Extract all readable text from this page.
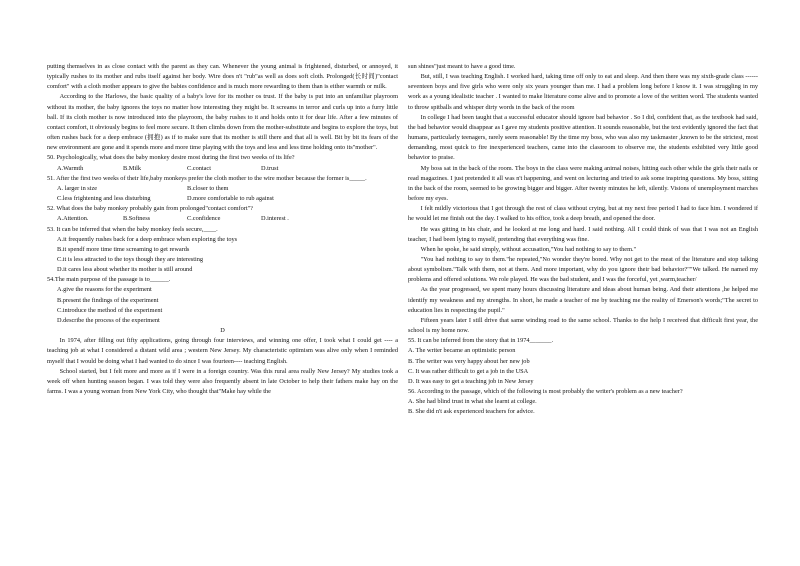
putting themselves in as close contact with the parent as they can. Whenever the young animal is frightened, disturbed, or annoyed, it typically rushes to its mother and rubs itself against her body. Wire does n't "rub"as well as does soft cloth. Prolonged(长时间)"contact comfort" with a cloth mother appears to give the babies confidence and is much more rewarding to them than is either warmth or milk.

According to the Harlows, the basic quality of a baby's love for its mother os trust. If the baby is put into an unfamiliar playroom without its mother, the baby ignores the toys no matter how interesting they might be. It screams in terror and curls up into a furry little ball. If its cloth mother is now introduced into the playroom, the baby rushes to it and holds onto it for dear life. After a few minutes of contact comfort, it obviously begins to feel more secure. It then climbs down from the mother-substitute and begins to explore the toys, but often rushes back for a deep embrace (拥抱) as if to make sure that its mother is still there and that all is well. Bit by bit its fears of the new environment are gone and it spends more and more time playing with the toys and less and less time holding onto its"mother".

50. Psychologically, what does the baby monkey desire most during the first two weeks of its life?

A.Warmth	B.Milk	C.contact	D.trust

51. After the first two weeks of their life,baby monkeys prefer the cloth mother to the wire mother because the former is_____.

A. larger in size	B.closer to them
C.less frightening and less disturbing	D.more comfortable to rub against

52. What does the baby monkey probably gain from prolonged"contact comfort"?

A.Attention.	B.Softness	C.confidence	D.interest .

53. It can be inferred that when the baby monkey feels secure,____.

A.it frequently rushes back for a deep embrace when exploring the toys

B.it spendf more time time screaming to get rewards

C.it is less attracted to the toys though they are interesting

D.it cares less about whether its mother is still around

54.The main purpose of the passage is to______.

A.give the reasons for the experiment

B.present the findings of the experiment

C.introduce the method of the experiment

D.describe the process of the experiment

D

In 1974, after filling out fifty applications, going through four interviews, and winning one offer, I took what I could get ---- a teaching job at what I considered a distant wild area ; western New Jersey. My characteristic optimism was alive only when I reminded myself that I would be doing what I had wanted to do since I was fourteen---- teaching English.

School started, but I felt more and more as if I were in a foreign country. Was this rural area really New Jersey? My studies took a week off when hunting season began. I was told they were also frequently absent in late October to help their fathers make hay on the farms. I was a young woman from New York City, who thought that"Make hay while the

sun shines"just meant to have a good time.

But, still, I was teaching English. I worked hard, taking time off only to eat and sleep. And then there was my sixth-grade class ------seventeen boys and five girls who were only six years younger than me. I had a problem long before I know it. I was struggling in my work as a young idealistic teacher . I wanted to make literature come alive and to promote a love of the written word. The students wanted to throw spitballs and whisper dirty words in the back of the room

In college I had been taught that a successful educator should ignore bad behavior . So I did, confident that, as the textbook had said, the bad behavior would disappear as I gave my students positive attention. It sounds reasonable, but the text evidently ignored the fact that humans, particularly teenagers, rarely seem reasonable! By the time my boss, who was also my taskmaster ,known to be the strictest, most demanding, most quick to fire inexperienced teachers, came into the classroom to observe me, the students exhibited very little good behavior to praise.

My boss sat in the back of the room. The boys in the class were making animal noises, hitting each other while the girls their nails or read magazines. I just pretended it all was n't happening, and went on lecturing and tried to ask some inspiring questions. My boss, sitting in the back of the room, seemed to be growing bigger and bigger. After twenty minutes he left, silently. Visions of unemployment marches before my eyes.

I felt mildly victorious that I got through the rest of class without crying, but at my next free period I had to face him. I wondered if he would let me finish out the day. I walked to his office, took a deep breath, and opened the door.

He was gitting in his chair, and he looked at me long and hard. I said nothing. All I could think of was that I was not an English teacher, I had been lying to myself, pretending that everything was fine.

When he spoke, he said simply, without accusation,"You had nothing to say to them."

"You had nothing to say to them."he repeated,"No wonder they're bored. Why not get to the meat of the literature and stop talking about symbolism."Talk with them, not at them. And more important, why do you ignore their bad behavior?""We talked. He named my problems and offered solutions. We role played. He was the bad student, and I was the forceful, yet ,warm,teacher/

As the year progressed, we spent many hours discussing literature and ideas about human being. And their attentions ,he helped me identify my weakness and my strengths. In short, he made a teacher of me by teaching me the reality of Emerson's words;"The secret to education lies in respecting the pupil."

Fifteen years later I still drive that same winding road to the same school. Thanks to the help I received that difficult first year, the school is my home now.

55. It can be inferred from the story that in 1974_______.

A. The writer became an optimistic person

B. The writer was very happy about her new job

C. It was rather difficult to get a job in the USA

D. It was easy to get a teaching job in New Jersey

56. According to the passage, which of the following is most probably the writer's problem as a new teacher?

A. She had blind trust in what she learnt at college.

B. She did n't ask experienced teachers for advice.
